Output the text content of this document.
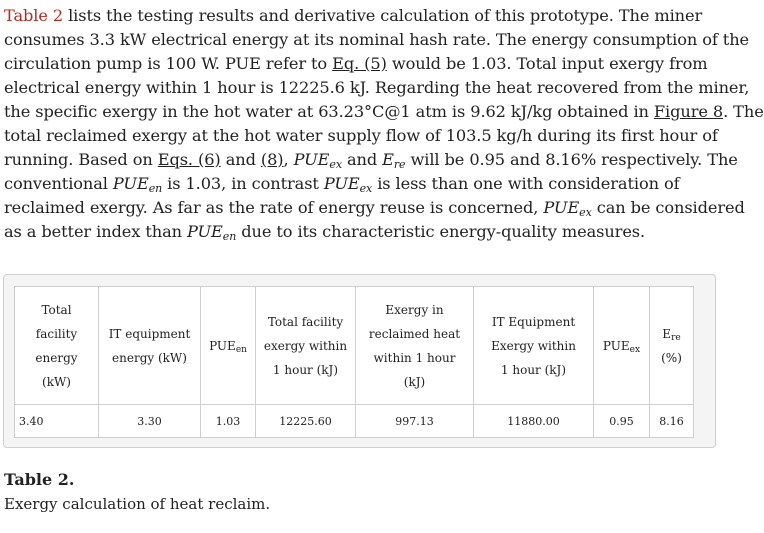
Table 2 lists the testing results and derivative calculation of this prototype. The miner
consumes 3.3 kW electrical energy at its nominal hash rate. The energy consumption of the
circulation pump is 100 W. PUE refer to Eq. (5) would be 1.03. Total input exergy from
electrical energy within 1 hour is 12225.6 kJ. Regarding the heat recovered from the miner,
the specific exergy in the hot water at 63.23°C@1 atm is 9.62 kJ/kg obtained in Figure 8. The
total reclaimed exergy at the hot water supply flow of 103.5 kg/h during its first hour of
running. Based on Eqs. (6) and (8), $PUE_{ex}$ and $E_{re}$ will be 0.95 and 8.16% respectively. The
conventional $PUE_{en}$ is 1.03, in contrast $PUE_{ex}$ is less than one with consideration of
reclaimed exergy. As far as the rate of energy reuse is concerned, $PUE_{ex}$ can be considered
as a better index than $PUE_{en}$ due to its characteristic energy-quality measures.
Total
facility
energy
(kW)	IT equipment
energy (kW)	$PUE_{en}$	Total facility
exergy within
1 hour (kJ)	Exergy in
reclaimed heat
within 1 hour
(kJ)	IT Equipment
Exergy within
1 hour (kJ)	$PUE_{ex}$	$E_{re}$
(%)
3.40	3.30	1.03	12225.60	997.13	11880.00	0.95	8.16
Table 2.
Exergy calculation of heat reclaim.
